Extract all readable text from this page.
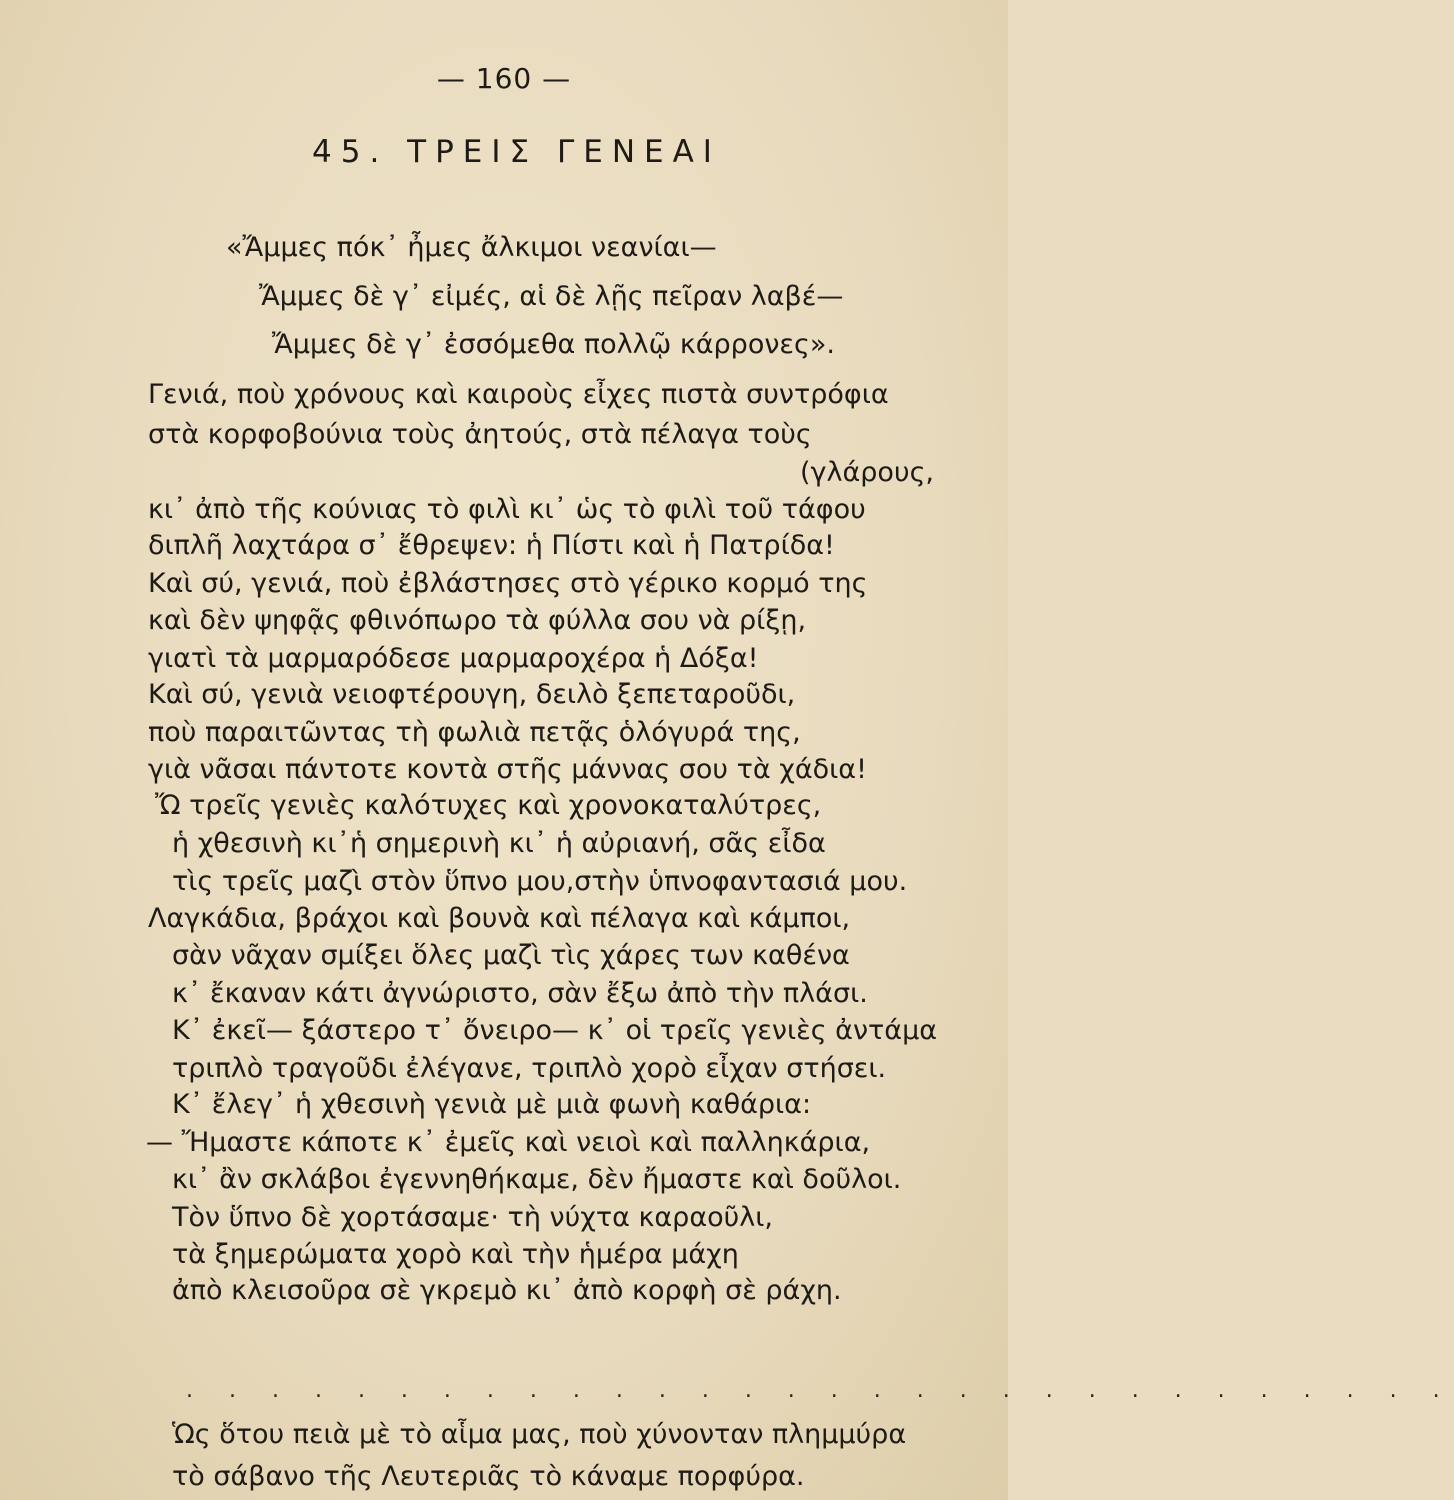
— 160 —
45. ΤΡΕΙΣ ΓΕΝΕΑΙ
«Ἄμμες πόκ᾽ ἦμες ἄλκιμοι νεανίαι—
Ἄμμες δὲ γ᾽ εἰμές, αἱ δὲ λῇς πεῖραν λαβέ—
Ἄμμες δὲ γ᾽ ἐσσόμεθα πολλῷ κάρρονες».
Γενιά, ποὺ χρόνους καὶ καιροὺς εἶχες πιστὰ συντρόφια
στὰ κορφοβούνια τοὺς ἀητούς, στὰ πέλαγα τοὺς
(γλάρους,
κι᾽ ἀπὸ τῆς κούνιας τὸ φιλὶ κι᾽ ὡς τὸ φιλὶ τοῦ τάφου
διπλῆ λαχτάρα σ᾽ ἔθρεψεν: ἡ Πίστι καὶ ἡ Πατρίδα!
Καὶ σύ, γενιά, ποὺ ἐβλάστησες στὸ γέρικο κορμό της
καὶ δὲν ψηφᾷς φθινόπωρο τὰ φύλλα σου νὰ ρίξῃ,
γιατὶ τὰ μαρμαρόδεσε μαρμαροχέρα ἡ Δόξα!
Καὶ σύ, γενιὰ νειοφτέρουγη, δειλὸ ξεπεταροῦδι,
ποὺ παραιτῶντας τὴ φωλιὰ πετᾷς ὁλόγυρά της,
γιὰ νᾶσαι πάντοτε κοντὰ στῆς μάννας σου τὰ χάδια!
Ὤ τρεῖς γενιὲς καλότυχες καὶ χρονοκαταλύτρες,
ἡ χθεσινὴ κι᾽ἡ σημερινὴ κι᾽ ἡ αὐριανή, σᾶς εἶδα
τὶς τρεῖς μαζὶ στὸν ὕπνο μου,στὴν ὑπνοφαντασιά μου.
Λαγκάδια, βράχοι καὶ βουνὰ καὶ πέλαγα καὶ κάμποι,
σὰν νᾶχαν σμίξει ὅλες μαζὶ τὶς χάρες των καθένα
κ᾽ ἔκαναν κάτι ἀγνώριστο, σὰν ἔξω ἀπὸ τὴν πλάσι.
Κ᾽ ἐκεῖ— ξάστερο τ᾽ ὄνειρο— κ᾽ οἱ τρεῖς γενιὲς ἀντάμα
τριπλὸ τραγοῦδι ἐλέγανε, τριπλὸ χορὸ εἶχαν στήσει.
Κ᾽ ἔλεγ᾽ ἡ χθεσινὴ γενιὰ μὲ μιὰ φωνὴ καθάρια:
— Ἤμαστε κάποτε κ᾽ ἐμεῖς καὶ νειοὶ καὶ παλληκάρια,
κι᾽ ἂν σκλάβοι ἐγεννηθήκαμε, δὲν ἤμαστε καὶ δοῦλοι.
Τὸν ὕπνο δὲ χορτάσαμε· τὴ νύχτα καραοῦλι,
τὰ ξημερώματα χορὸ καὶ τὴν ἡμέρα μάχη
ἀπὸ κλεισοῦρα σὲ γκρεμὸ κι᾽ ἀπὸ κορφὴ σὲ ράχη.
. . . . . . . . . . . . . . . . . . . . . . . . . . . . . .
Ὡς ὅτου πειὰ μὲ τὸ αἷμα μας, ποὺ χύνονταν πλημμύρα
τὸ σάβανο τῆς Λευτεριᾶς τὸ κάναμε πορφύρα.
